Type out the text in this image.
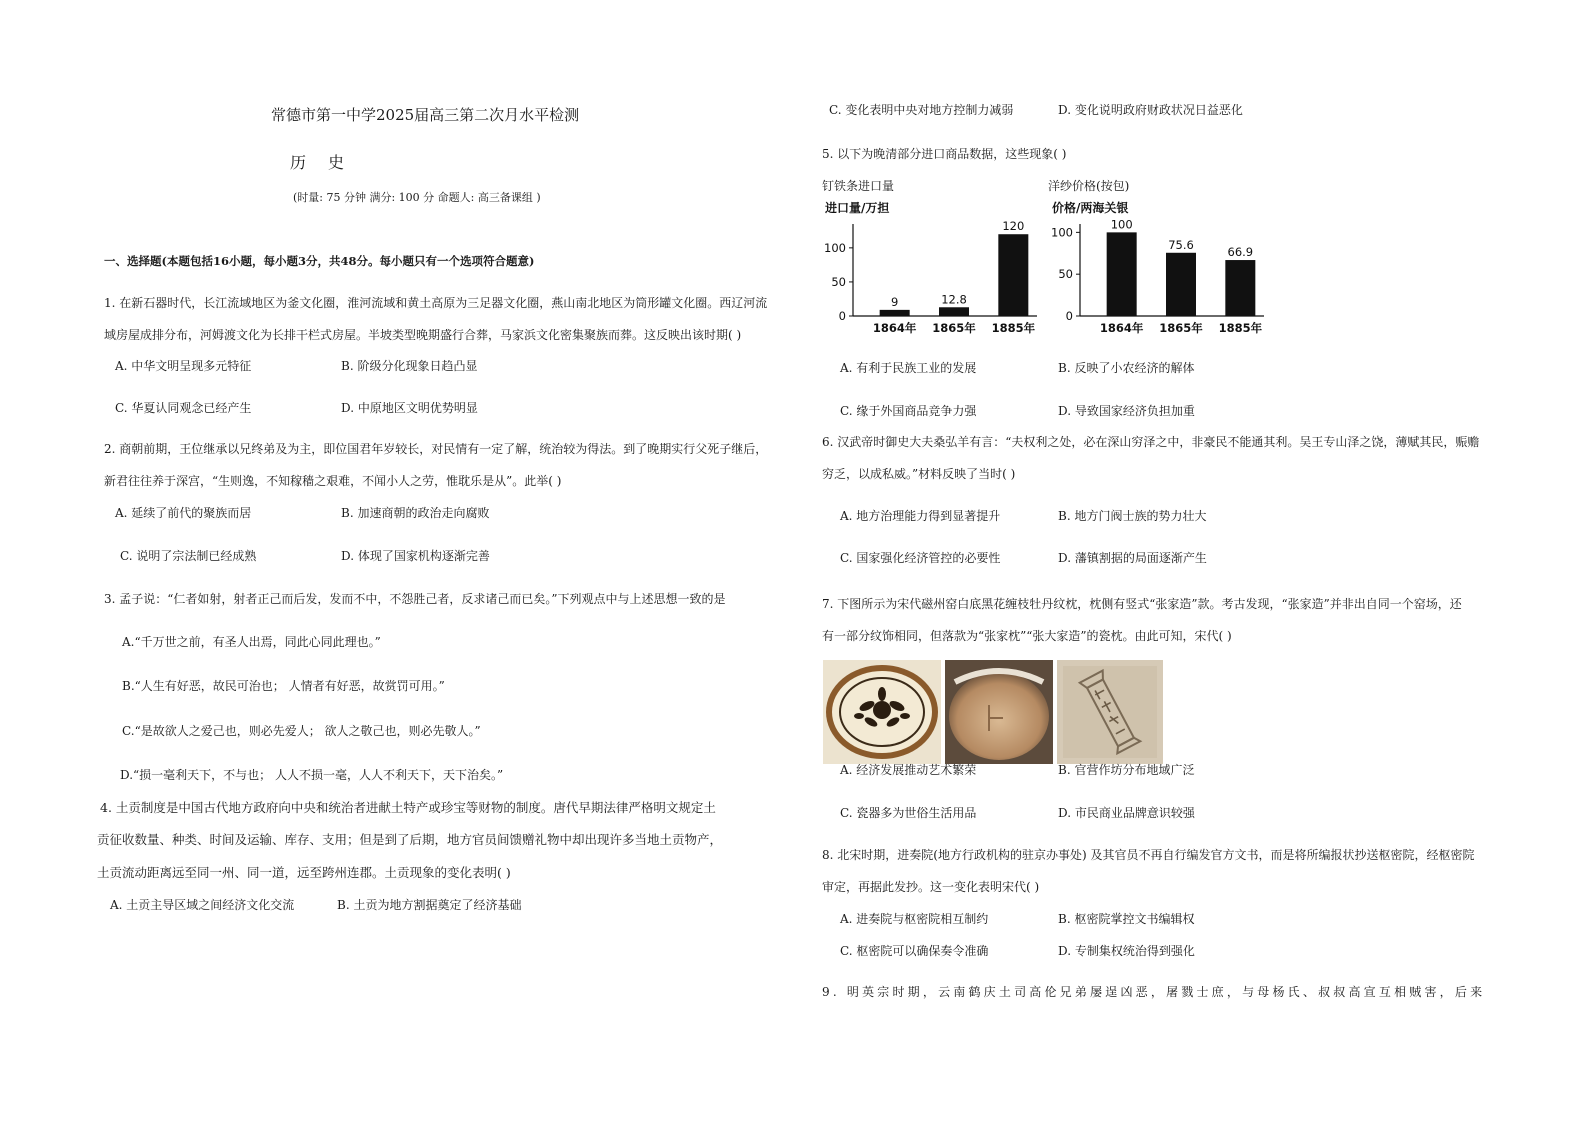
常德市第一中学2025届高三第二次月水平检测
历史
(时量: 75 分钟 满分: 100 分 命题人: 高三备课组 )
一、选择题(本题包括16小题，每小题3分，共48分。每小题只有一个选项符合题意)
1. 在新石器时代，长江流域地区为釜文化圈，淮河流域和黄土高原为三足器文化圈，燕山南北地区为筒形罐文化圈。西辽河流
域房屋成排分布，河姆渡文化为长排干栏式房屋。半坡类型晚期盛行合葬，马家浜文化密集聚族而葬。这反映出该时期( )
A. 中华文明呈现多元特征	B. 阶级分化现象日趋凸显
C. 华夏认同观念已经产生	D. 中原地区文明优势明显
2. 商朝前期，王位继承以兄终弟及为主，即位国君年岁较长，对民情有一定了解，统治较为得法。到了晚期实行父死子继后，
新君往往养于深宫，“生则逸，不知稼穑之艰难，不闻小人之劳，惟耽乐是从”。此举( )
A. 延续了前代的聚族而居	B. 加速商朝的政治走向腐败
C. 说明了宗法制已经成熟	D. 体现了国家机构逐渐完善
3. 孟子说：“仁者如射，射者正己而后发，发而不中，不怨胜己者，反求诸己而已矣。”下列观点中与上述思想一致的是
A.“千万世之前，有圣人出焉，同此心同此理也。”
B.“人生有好恶，故民可治也； 人情者有好恶，故赏罚可用。”
C.“是故欲人之爱己也，则必先爱人； 欲人之敬己也，则必先敬人。”
D.“损一毫利天下，不与也； 人人不损一毫，人人不利天下，天下治矣。”
4. 土贡制度是中国古代地方政府向中央和统治者进献土特产或珍宝等财物的制度。唐代早期法律严格明文规定土
贡征收数量、种类、时间及运输、库存、支用；但是到了后期，地方官员间馈赠礼物中却出现许多当地土贡物产，
土贡流动距离远至同一州、同一道，远至跨州连郡。土贡现象的变化表明( )
A. 土贡主导区域之间经济文化交流	B. 土贡为地方割据奠定了经济基础
C. 变化表明中央对地方控制力减弱	D. 变化说明政府财政状况日益恶化
5. 以下为晚清部分进口商品数据，这些现象( )
钉铁条进口量	洋纱价格(按包)
进口量/万担
0
50
100
9
1864年
12.8
1865年
120
1885年
价格/两海关银
0
50
100
100
1864年
75.6
1865年
66.9
1885年
A. 有利于民族工业的发展	B. 反映了小农经济的解体
C. 缘于外国商品竞争力强	D. 导致国家经济负担加重
6. 汉武帝时御史大夫桑弘羊有言：“夫权利之处，必在深山穷泽之中，非豪民不能通其利。吴王专山泽之饶，薄赋其民，赈赡
穷乏，以成私威。”材料反映了当时( )
A. 地方治理能力得到显著提升	B. 地方门阀士族的势力壮大
C. 国家强化经济管控的必要性	D. 藩镇割据的局面逐渐产生
7. 下图所示为宋代磁州窑白底黑花缠枝牡丹纹枕，枕侧有竖式“张家造”款。考古发现，“张家造”并非出自同一个窑场，还
有一部分纹饰相同，但落款为“张家枕”“张大家造”的瓷枕。由此可知，宋代( )
A. 经济发展推动艺术繁荣	B. 官营作坊分布地域广泛
C. 瓷器多为世俗生活用品	D. 市民商业品牌意识较强
8. 北宋时期，进奏院(地方行政机构的驻京办事处) 及其官员不再自行编发官方文书，而是将所编报状抄送枢密院，经枢密院
审定，再据此发抄。这一变化表明宋代( )
A. 进奏院与枢密院相互制约	B. 枢密院掌控文书编辑权
C. 枢密院可以确保奏令准确	D. 专制集权统治得到强化
9. 明英宗时期，云南鹤庆土司高伦兄弟屡逞凶恶，屠戮士庶，与母杨氏、叔叔高宣互相贼害，后来
